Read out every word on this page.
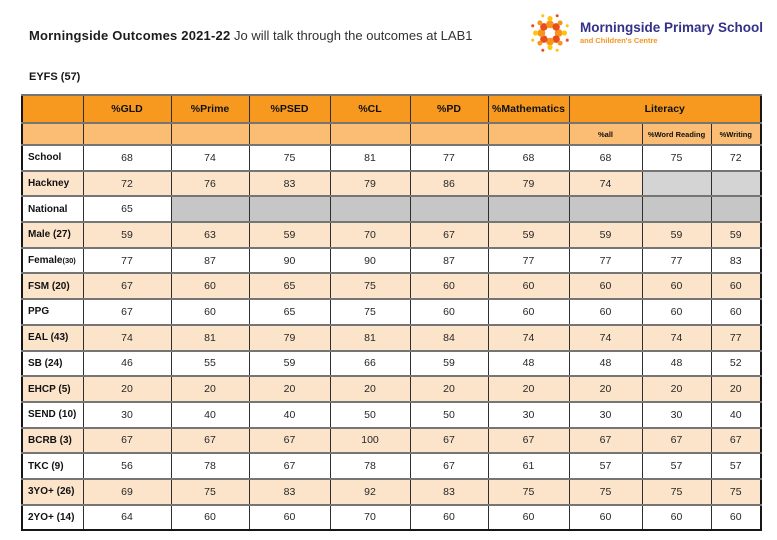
Morningside Outcomes 2021-22 Jo will talk through the outcomes at LAB1
Morningside Primary School
and Children's Centre
EYFS (57)
	%GLD	%Prime	%PSED	%CL	%PD	%Mathematics	Literacy		
							%all	%Word Reading	%Writing
School	68	74	75	81	77	68	68	75	72
Hackney	72	76	83	79	86	79	74		
National	65								
Male (27)	59	63	59	70	67	59	59	59	59
Female(30)	77	87	90	90	87	77	77	77	83
FSM (20)	67	60	65	75	60	60	60	60	60
PPG	67	60	65	75	60	60	60	60	60
EAL (43)	74	81	79	81	84	74	74	74	77
SB (24)	46	55	59	66	59	48	48	48	52
EHCP (5)	20	20	20	20	20	20	20	20	20
SEND (10)	30	40	40	50	50	30	30	30	40
BCRB (3)	67	67	67	100	67	67	67	67	67
TKC (9)	56	78	67	78	67	61	57	57	57
3YO+ (26)	69	75	83	92	83	75	75	75	75
2YO+ (14)	64	60	60	70	60	60	60	60	60
